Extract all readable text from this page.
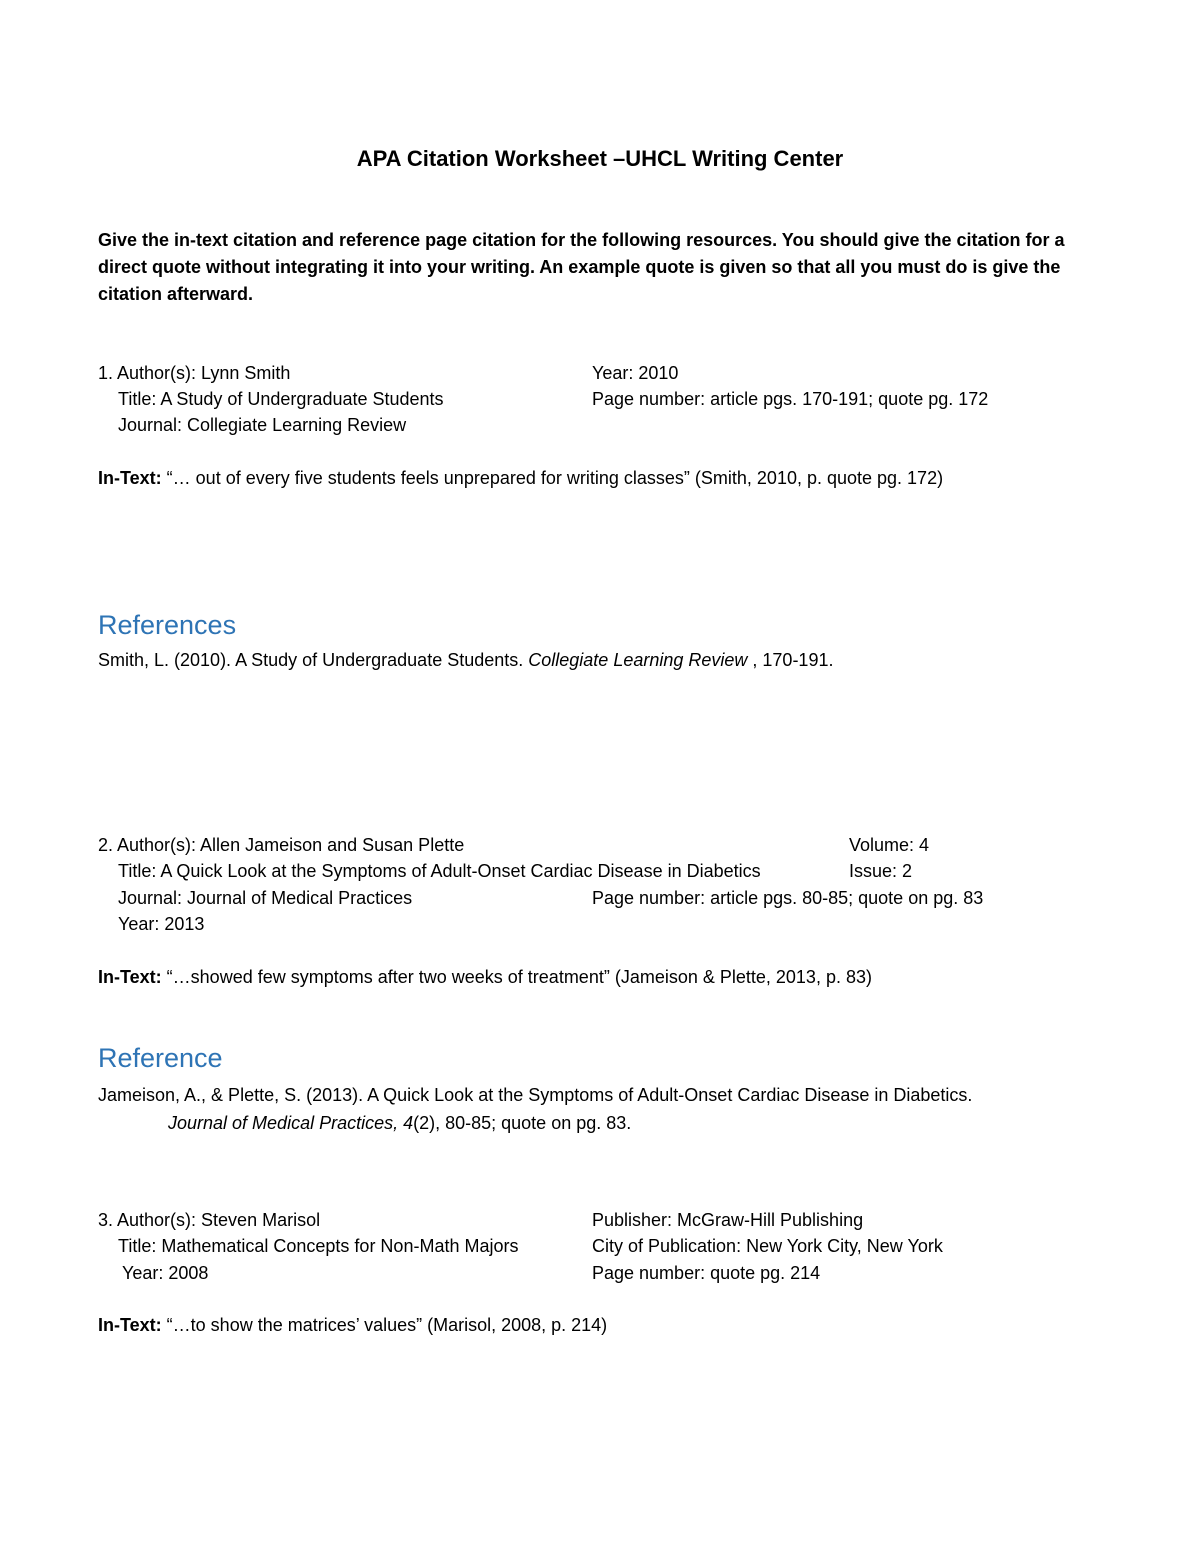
APA Citation Worksheet –UHCL Writing Center
Give the in-text citation and reference page citation for the following resources. You should give the citation for a direct quote without integrating it into your writing. An example quote is given so that all you must do is give the citation afterward.
1. Author(s): Lynn Smith
Title: A Study of Undergraduate Students
Journal: Collegiate Learning Review
Year: 2010
Page number: article pgs. 170-191; quote pg. 172
In-Text: “… out of every five students feels unprepared for writing classes” (Smith, 2010, p. quote pg. 172)
References
Smith, L. (2010). A Study of Undergraduate Students. Collegiate Learning Review , 170-191.
2. Author(s): Allen Jameison and Susan Plette
Title: A Quick Look at the Symptoms of Adult-Onset Cardiac Disease in Diabetics
Journal: Journal of Medical Practices
Year: 2013
Volume: 4
Issue: 2
Page number: article pgs. 80-85; quote on pg. 83
In-Text: “…showed few symptoms after two weeks of treatment” (Jameison & Plette, 2013, p. 83)
Reference
Jameison, A., & Plette, S. (2013). A Quick Look at the Symptoms of Adult-Onset Cardiac Disease in Diabetics.
Journal of Medical Practices, 4(2), 80-85; quote on pg. 83.
3. Author(s): Steven Marisol
Title: Mathematical Concepts for Non-Math Majors
Year: 2008
Publisher: McGraw-Hill Publishing
City of Publication: New York City, New York
Page number: quote pg. 214
In-Text: “…to show the matrices’ values” (Marisol, 2008, p. 214)
